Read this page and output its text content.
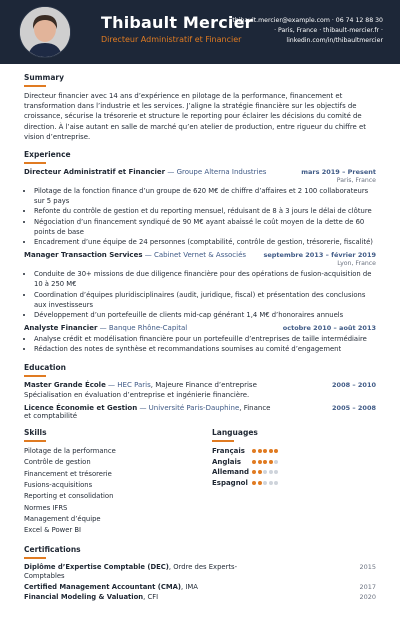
Thibault Mercier
Directeur Administratif et Financier
thibault.mercier@example.com · 06 74 12 88 30
· Paris, France · thibault-mercier.fr ·
linkedin.com/in/thibaultmercier
Summary
Directeur financier avec 14 ans d’expérience en pilotage de la performance, financement et transformation dans l’industrie et les services. J’aligne la stratégie financière sur les objectifs de croissance, sécurise la trésorerie et structure le reporting pour éclairer les décisions du comité de direction. À l’aise autant en salle de marché qu’en atelier de production, entre rigueur du chiffre et vision d’entreprise.
Experience
Directeur Administratif et Financier — Groupe Alterna Industries	mars 2019 – Present
Paris, France
• Pilotage de la fonction finance d’un groupe de 620 M€ de chiffre d’affaires et 2 100 collaborateurs sur 5 pays
• Refonte du contrôle de gestion et du reporting mensuel, réduisant de 8 à 3 jours le délai de clôture
• Négociation d’un financement syndiqué de 90 M€ ayant abaissé le coût moyen de la dette de 60 points de base
• Encadrement d’une équipe de 24 personnes (comptabilité, contrôle de gestion, trésorerie, fiscalité)
Manager Transaction Services — Cabinet Vernet & Associés	septembre 2013 – février 2019
Lyon, France
• Conduite de 30+ missions de due diligence financière pour des opérations de fusion-acquisition de 10 à 250 M€
• Coordination d’équipes pluridisciplinaires (audit, juridique, fiscal) et présentation des conclusions aux investisseurs
• Développement d’un portefeuille de clients mid-cap générant 1,4 M€ d’honoraires annuels
Analyste Financier — Banque Rhône-Capital	octobre 2010 – août 2013
• Analyse crédit et modélisation financière pour un portefeuille d’entreprises de taille intermédiaire
• Rédaction des notes de synthèse et recommandations soumises au comité d’engagement
Education
Master Grande École — HEC Paris, Majeure Finance d’entreprise	2008 – 2010
Spécialisation en évaluation d’entreprise et ingénierie financière.
Licence Économie et Gestion — Université Paris-Dauphine, Finance et comptabilité
2005 – 2008
Skills
Pilotage de la performance
Contrôle de gestion
Financement et trésorerie
Fusions-acquisitions
Reporting et consolidation
Normes IFRS
Management d’équipe
Excel & Power BI
Languages
Français
Anglais
Allemand
Espagnol
Certifications
Diplôme d’Expertise Comptable (DEC), Ordre des Experts-Comptables
2015
Certified Management Accountant (CMA), IMA	2017
Financial Modeling & Valuation, CFI	2020
